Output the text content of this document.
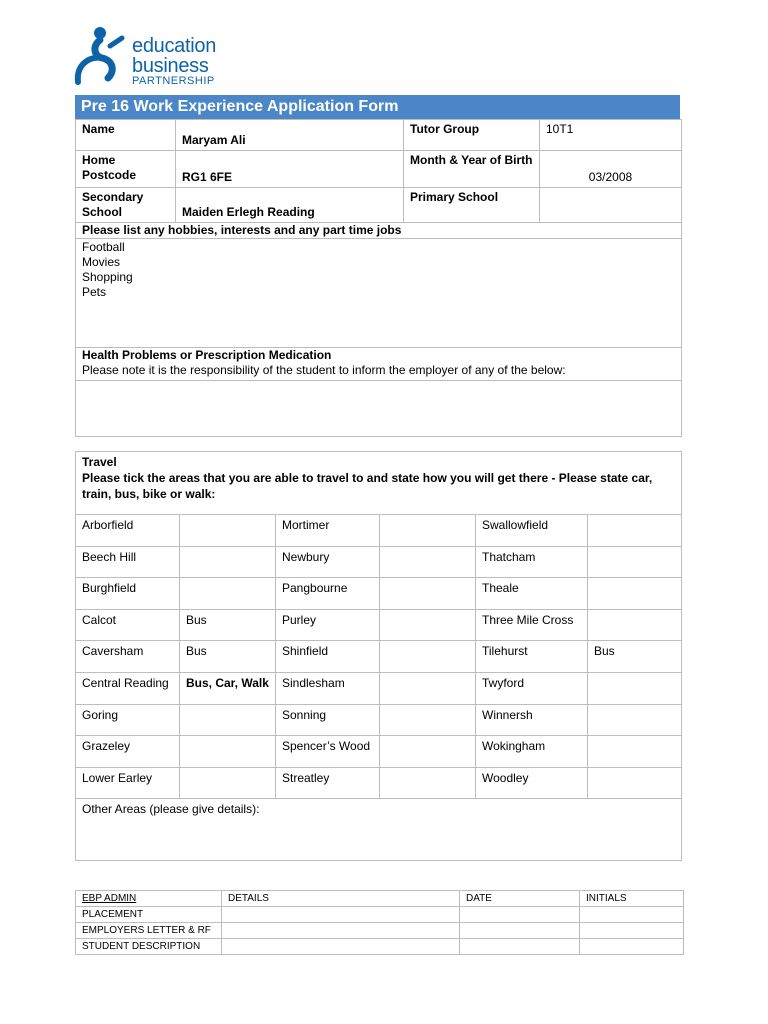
education
business
PARTNERSHIP
Pre 16 Work Experience Application Form
Name	Maryam Ali	Tutor Group	10T1
Home Postcode	RG1 6FE	Month & Year of Birth	03/2008
Secondary School	Maiden Erlegh Reading	Primary School	
Please list any hobbies, interests and any part time jobs			

Football
Movies
Shopping
Pets			

Health Problems or Prescription Medication
Please note it is the responsibility of the student to inform the employer of any of the below:			

Travel
Please tick the areas that you are able to travel to and state how you will get there - Please state car, train, bus, bike or walk:					

Arborfield		Mortimer		Swallowfield	
Beech Hill		Newbury		Thatcham	
Burghfield		Pangbourne		Theale	
Calcot	Bus	Purley		Three Mile Cross	
Caversham	Bus	Shinfield		Tilehurst	Bus
Central Reading	Bus, Car, Walk	Sindlesham		Twyford	
Goring		Sonning		Winnersh	
Grazeley		Spencer’s Wood		Wokingham	
Lower Earley		Streatley		Woodley	
Other Areas (please give details):					
EBP ADMIN	DETAILS	DATE	INITIALS
PLACEMENT			
EMPLOYERS LETTER & RF			
STUDENT DESCRIPTION			
